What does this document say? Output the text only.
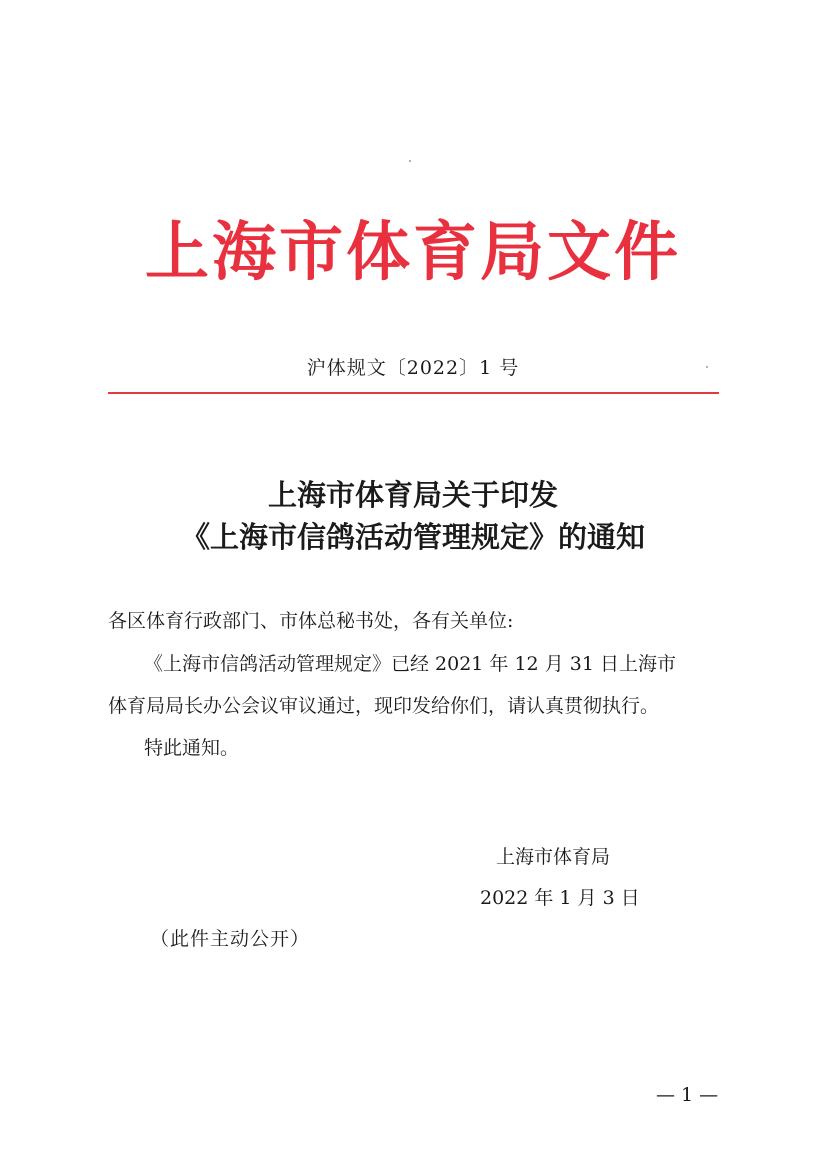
上海市体育局文件
沪体规文〔2022〕1 号
上海市体育局关于印发
《上海市信鸽活动管理规定》的通知
各区体育行政部门、市体总秘书处，各有关单位:
《上海市信鸽活动管理规定》已经 2021 年 12 月 31 日上海市
体育局局长办公会议审议通过，现印发给你们，请认真贯彻执行。
特此通知。
上海市体育局
2022 年 1 月 3 日
（此件主动公开）
— 1 —
